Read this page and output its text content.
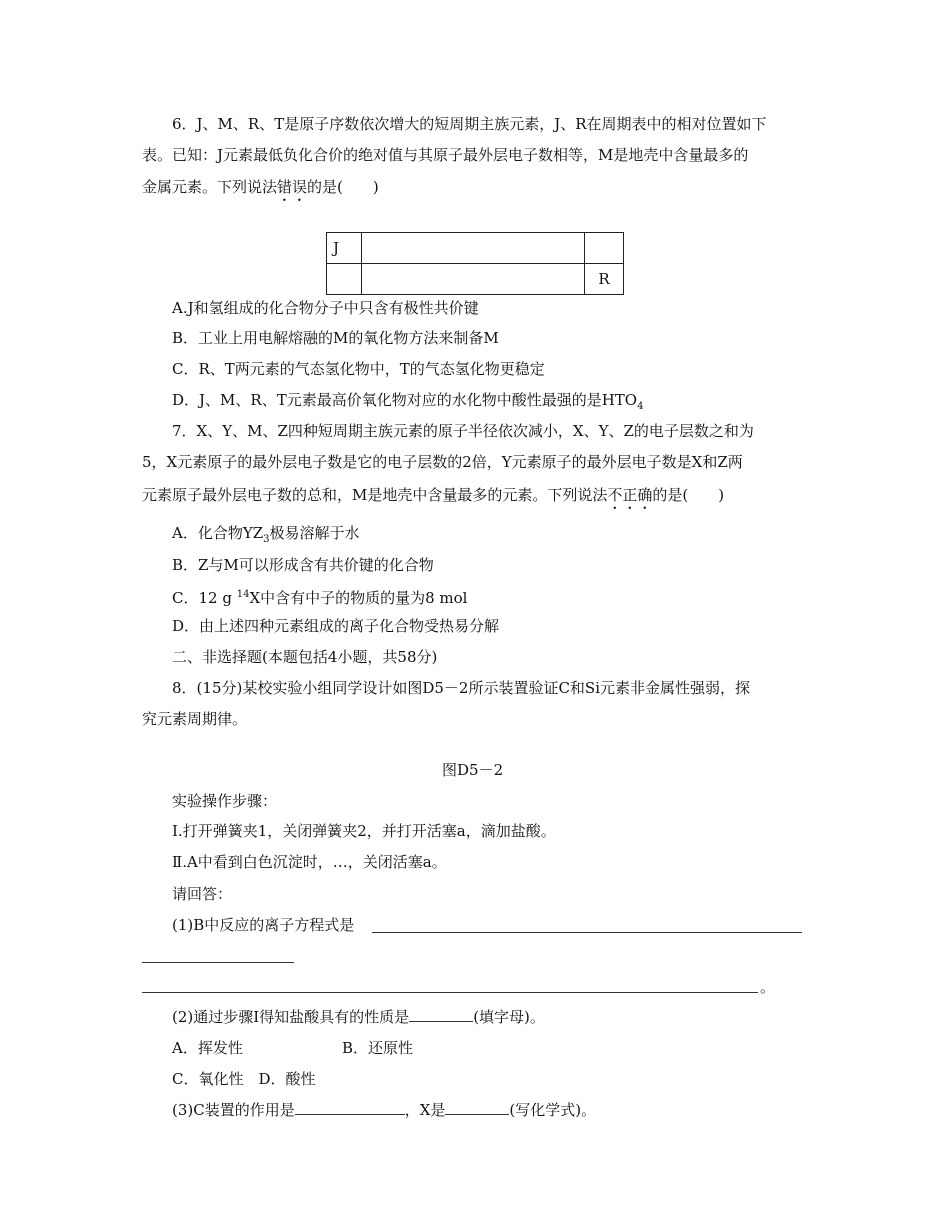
6．J、M、R、T是原子序数依次增大的短周期主族元素，J、R在周期表中的相对位置如下
表。已知：J元素最低负化合价的绝对值与其原子最外层电子数相等，M是地壳中含量最多的
金属元素。下列说法错误的是(　　)
J		
		R
A.J和氢组成的化合物分子中只含有极性共价键
B．工业上用电解熔融的M的氧化物方法来制备M
C．R、T两元素的气态氢化物中，T的气态氢化物更稳定
D．J、M、R、T元素最高价氧化物对应的水化物中酸性最强的是$HTO_4$
7．X、Y、M、Z四种短周期主族元素的原子半径依次减小，X、Y、Z的电子层数之和为
5，X元素原子的最外层电子数是它的电子层数的2倍，Y元素原子的最外层电子数是X和Z两
元素原子最外层电子数的总和，M是地壳中含量最多的元素。下列说法不正确的是(　　)
A．化合物$YZ_3$极易溶解于水
B．Z与M可以形成含有共价键的化合物
C．12 g $^{14}$X中含有中子的物质的量为8 mol
D．由上述四种元素组成的离子化合物受热易分解
二、非选择题(本题包括4小题，共58分)
8．(15分)某校实验小组同学设计如图D5－2所示装置验证C和Si元素非金属性强弱，探
究元素周期律。
图D5－2
实验操作步骤：
Ⅰ.打开弹簧夹1，关闭弹簧夹2，并打开活塞a，滴加盐酸。
Ⅱ.A中看到白色沉淀时，…，关闭活塞a。
请回答：
(1)B中反应的离子方程式是
。
(2)通过步骤Ⅰ得知盐酸具有的性质是	(填字母)。
A．挥发性	B．还原性
C．氧化性　D．酸性
(3)C装置的作用是	，X是	(写化学式)。
